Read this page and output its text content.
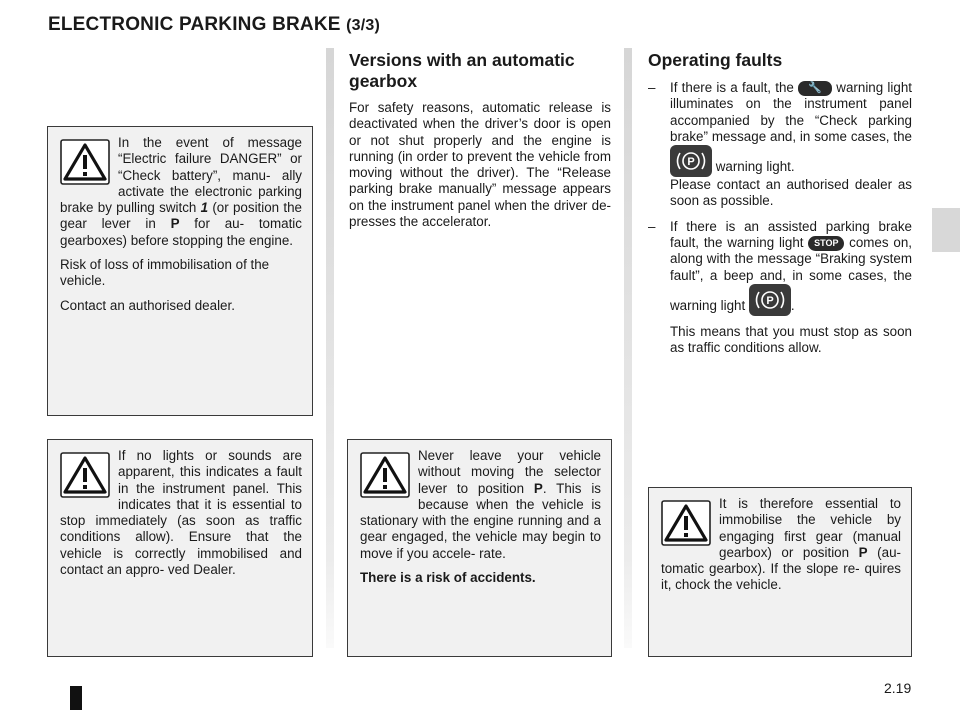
ELECTRONIC PARKING BRAKE (3/3)

In the event of message “Electric failure DANGER” or “Check battery”, manu- ally activate the electronic parking brake by pulling switch 1 (or position the gear lever in P for au- tomatic gearboxes) before stopping the engine.

Risk of loss of immobilisation of the vehicle.

Contact an authorised dealer.

If no lights or sounds are apparent, this indicates a fault in the instrument panel. This indicates that it is essential to stop immediately (as soon as traffic conditions allow). Ensure that the vehicle is correctly immobilised and contact an appro- ved Dealer.

Versions with an automatic gearbox
For safety reasons, automatic release is deactivated when the driver’s door is open or not shut properly and the engine is running (in order to prevent the vehicle from moving without the driver). The “Release parking brake manually” message appears on the instrument panel when the driver de- presses the accelerator.

Never leave your vehicle without moving the selector lever to position P. This is because when the vehicle is stationary with the engine running and a gear engaged, the vehicle may begin to move if you accele- rate.

There is a risk of accidents.

Operating faults
– If there is a fault, the 🔧 warning light illuminates on the instrument panel accompanied by the “Check parking brake” message and, in some cases, the
P warning light.
Please contact an authorised dealer as soon as possible.
– If there is an assisted parking brake fault, the warning light STOP comes on, along with the message “Braking system fault”, a beep and, in some cases, the warning light P .

This means that you must stop as soon as traffic conditions allow.

It is therefore essential to immobilise the vehicle by engaging first gear (manual gearbox) or position P (au- tomatic gearbox). If the slope re- quires it, chock the vehicle.

2.19
